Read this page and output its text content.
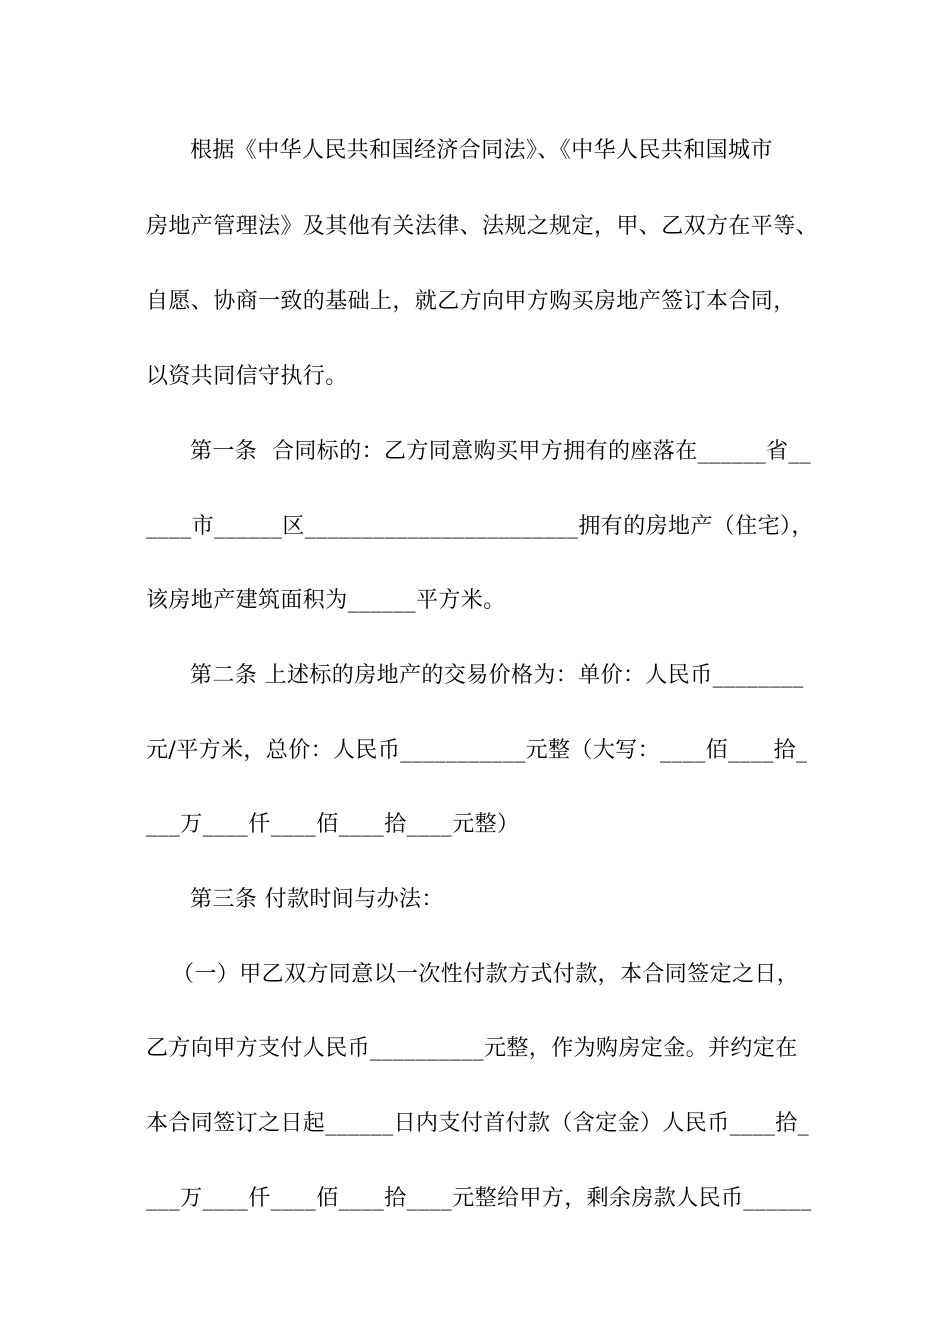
根据《中华人民共和国经济合同法》、《中华人民共和国城市
房地产管理法》及其他有关法律、法规之规定，甲、乙双方在平等、
自愿、协商一致的基础上，就乙方向甲方购买房地产签订本合同，
以资共同信守执行。
第一条  合同标的：乙方同意购买甲方拥有的座落在______省__
____市______区________________________拥有的房地产（住宅），
该房地产建筑面积为______平方米。
第二条 上述标的房地产的交易价格为：单价：人民币________
元/平方米，总价：人民币___________元整（大写：____佰____拾_
___万____仟____佰____拾____元整）
第三条 付款时间与办法：
（一）甲乙双方同意以一次性付款方式付款，本合同签定之日，
乙方向甲方支付人民币__________元整，作为购房定金。并约定在
本合同签订之日起______日内支付首付款（含定金）人民币____拾_
___万____仟____佰____拾____元整给甲方，剩余房款人民币______
